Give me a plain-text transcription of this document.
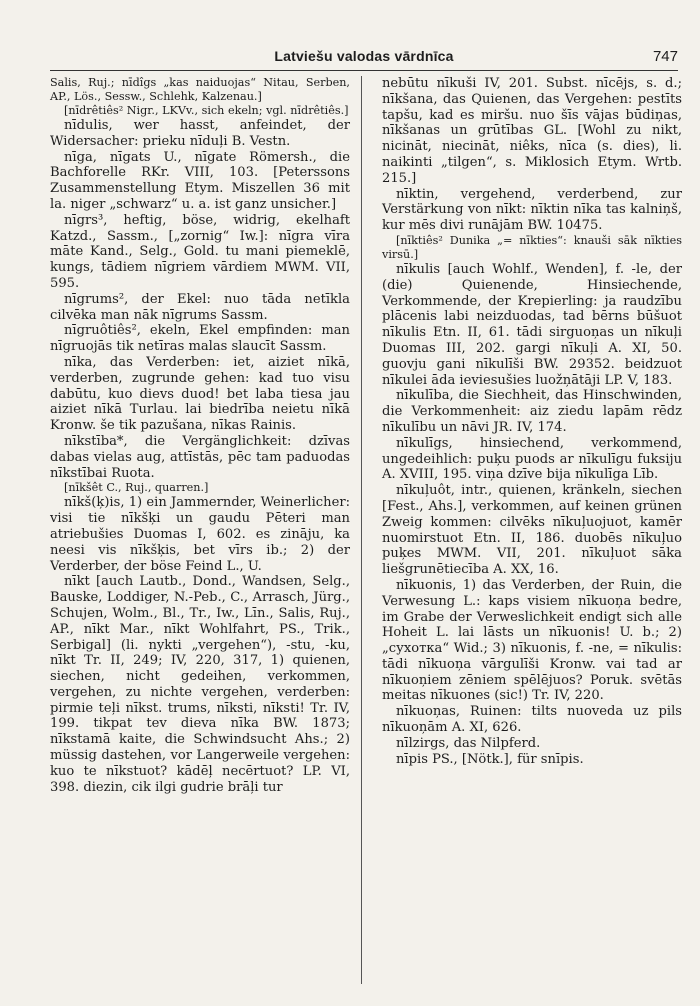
Latviešu valodas vārdnīca	747

Salis, Ruj.; nīdîgs „kas naiduojas“ Nitau, Serben, AP., Lös., Sessw., Schlehk, Kalzenau.]

[nīdrêtiês² Nigr., LKVv., sich ekeln; vgl. nīdrêtiês.]

nīdulis, wer hasst, anfeindet, der Widersacher: prieku nīduļi B. Vestn.

nīga, nīgats U., nīgate Römersh., die Bachforelle RKr. VIII, 103. [Peterssons Zusammenstellung Etym. Miszellen 36 mit la. niger „schwarz“ u. a. ist ganz unsicher.]

nīgrs³, heftig, böse, widrig, ekelhaft Katzd., Sassm., [„zornig“ Iw.]: nīgra vīra māte Kand., Selg., Gold. tu mani piemeklē, kungs, tādiem nīgriem vārdiem MWM. VII, 595.

nīgrums², der Ekel: nuo tāda netīkla cilvēka man nāk nīgrums Sassm.

nīgruôtiês², ekeln, Ekel empfinden: man nīgruojās tik netīras malas slaucīt Sassm.

nīka, das Verderben: iet, aiziet nīkā, verderben, zugrunde gehen: kad tuo visu dabūtu, kuo dievs duod! bet laba tiesa jau aiziet nīkā Turlau. lai biedrība neietu nīkā Kronw. še tik pazušana, nīkas Rainis.

nīkstība*, die Vergänglichkeit: dzīvas dabas vielas aug, attīstās, pēc tam paduodas nīkstībai Ruota.

[nīkšêt C., Ruj., quarren.]

nīkš(ķ)is, 1) ein Jammernder, Weinerlicher: visi tie nīkšķi un gaudu Pēteri man atriebušies Duomas I, 602. es zināju, ka neesi vis nīkšķis, bet vīrs ib.; 2) der Verderber, der böse Feind L., U.

nīkt [auch Lautb., Dond., Wandsen, Selg., Bauske, Loddiger, N.-Peb., C., Arrasch, Jürg., Schujen, Wolm., Bl., Tr., Iw., Līn., Salis, Ruj., AP., nīkt Mar., nīkt Wohlfahrt, PS., Trik., Serbigal] (li. nykti „vergehen“), -stu, -ku, nīkt Tr. II, 249; IV, 220, 317, 1) quienen, siechen, nicht gedeihen, verkommen, vergehen, zu nichte vergehen, verderben: pirmie teļi nīkst. trums, nīksti, nīksti! Tr. IV, 199. tikpat tev dieva nīka BW. 1873; nīkstamā kaite, die Schwindsucht Ahs.; 2) müssig dastehen, vor Langerweile vergehen: kuo te nīkstuot? kādēļ necērtuot? LP. VI, 398. diezin, cik ilgi gudrie brāļi tur

nebūtu nīkuši IV, 201. Subst. nīcējs, s. d.; nīkšana, das Quienen, das Vergehen: pestīts tapšu, kad es miršu. nuo šīs vājas būdiņas, nīkšanas un grūtības GL. [Wohl zu nikt, nicināt, niecināt, niêks, nīca (s. dies), li. naikinti „tilgen“, s. Miklosich Etym. Wrtb. 215.]

nīktin, vergehend, verderbend, zur Verstärkung von nīkt: nīktin nīka tas kalniņš, kur mēs divi runājām BW. 10475.

[nīktiês² Dunika „= nīkties“: knauši sāk nīkties virsū.]

nīkulis [auch Wohlf., Wenden], f. -le, der (die) Quienende, Hinsiechende, Verkommende, der Krepierling: ja raudzību plācenis labi neizduodas, tad bērns būšuot nīkulis Etn. II, 61. tādi sirguoņas un nīkuļi Duomas III, 202. gargi nīkuļi A. XI, 50. guovju gani nīkulīši BW. 29352. beidzuot nīkulei āda ieviesušies luožņātāji LP. V, 183.

nīkulība, die Siechheit, das Hinschwinden, die Verkommenheit: aiz ziedu lapām rēdz nīkulību un nāvi JR. IV, 174.

nīkulīgs, hinsiechend, verkommend, ungedeihlich: puķu puods ar nīkulīgu fuksiju A. XVIII, 195. viņa dzīve bija nīkulīga Līb.

nīkuļuôt, intr., quienen, kränkeln, siechen [Fest., Ahs.], verkommen, auf keinen grünen Zweig kommen: cilvēks nīkuļuojuot, kamēr nuomirstuot Etn. II, 186. duobēs nīkuļuo puķes MWM. VII, 201. nīkuļuot sāka liešgrunētiecība A. XX, 16.

nīkuonis, 1) das Verderben, der Ruin, die Verwesung L.: kaps visiem nīkuoņa bedre, im Grabe der Verweslichkeit endigt sich alle Hoheit L. lai lāsts un nīkuonis! U. b.; 2) „сухотка“ Wid.; 3) nīkuonis, f. -ne, = nīkulis: tādi nīkuoņa vārgulīši Kronw. vai tad ar nīkuoņiem zēniem spēlējuos? Poruk. svētās meitas nīkuones (sic!) Tr. IV, 220.

nīkuoņas, Ruinen: tilts nuoveda uz pils nīkuoņām A. XI, 626.

nīlzirgs, das Nilpferd.

nīpis PS., [Nötk.], für snīpis.
